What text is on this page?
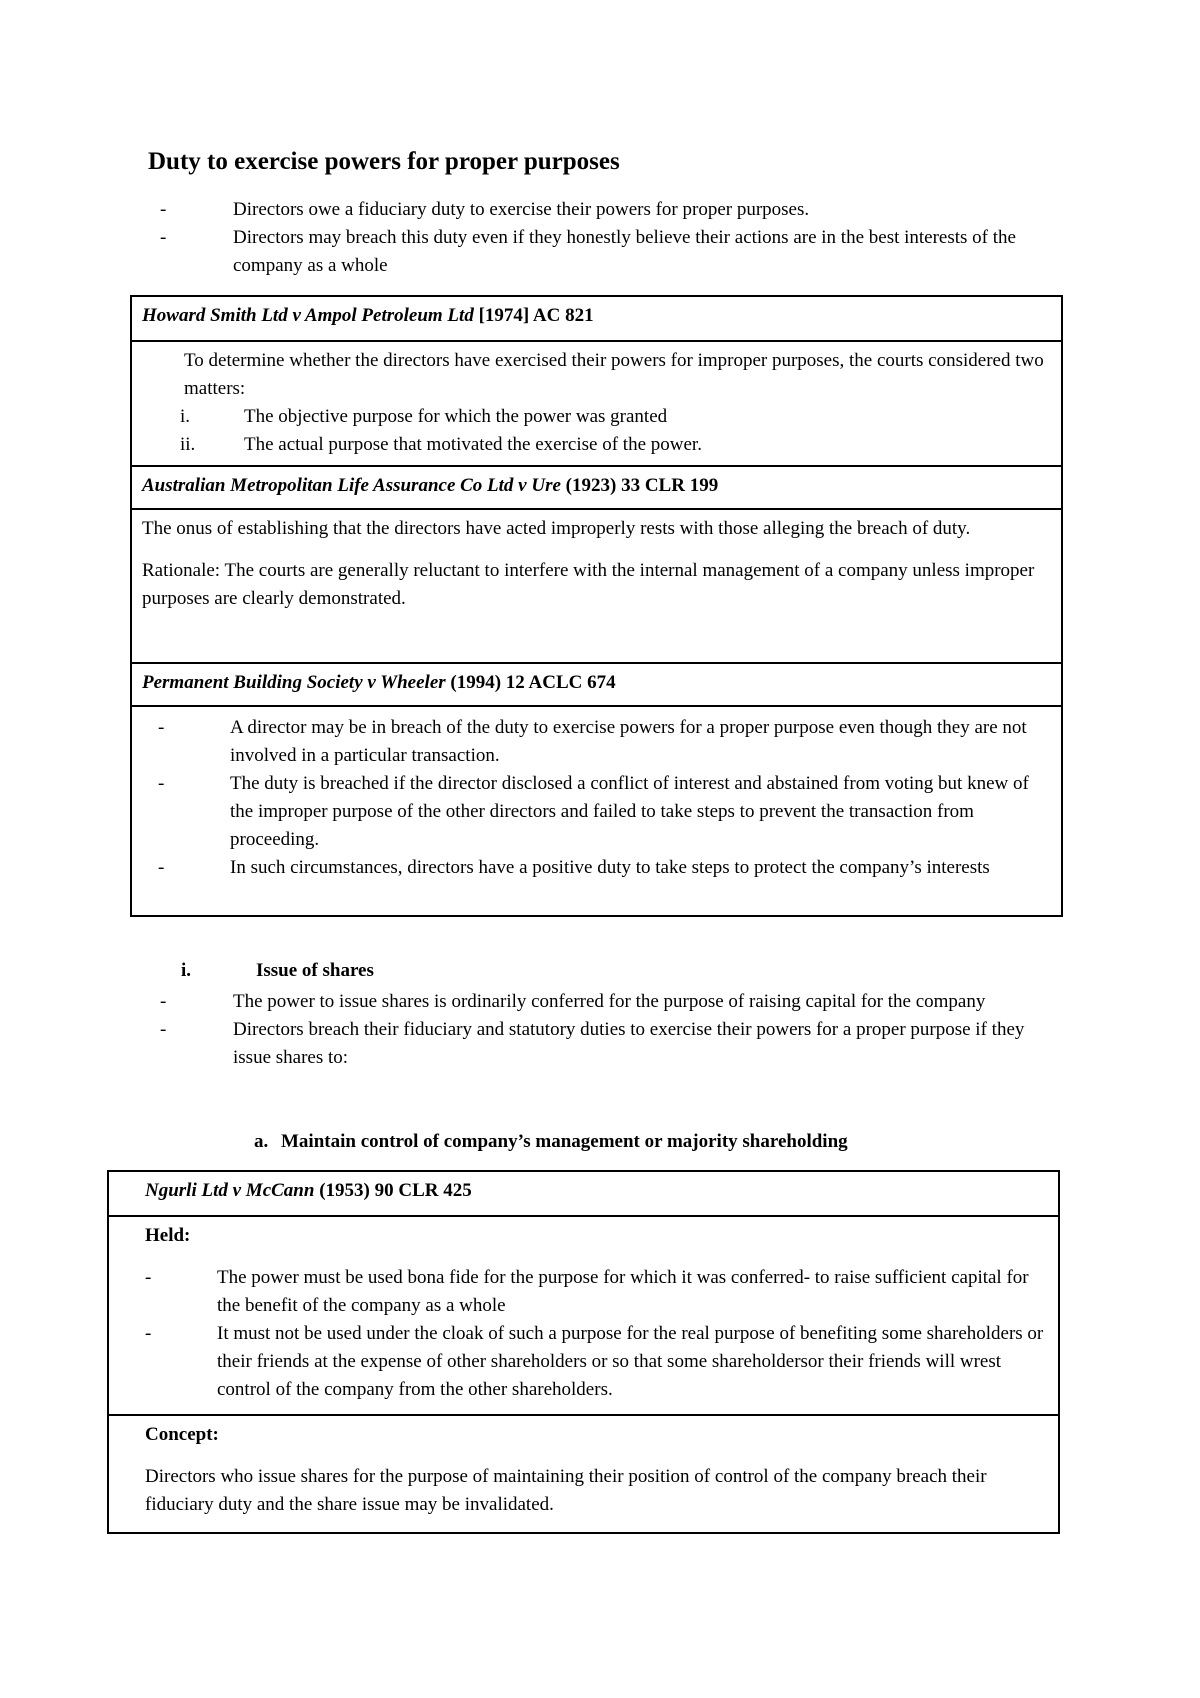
Duty to exercise powers for proper purposes
-	Directors owe a fiduciary duty to exercise their powers for proper purposes.
-	Directors may breach this duty even if they honestly believe their actions are in the best interests of the company as a whole
Howard Smith Ltd v Ampol Petroleum Ltd [1974] AC 821

To determine whether the directors have exercised their powers for improper purposes, the courts considered two matters:

i.	The objective purpose for which the power was granted
ii.	The actual purpose that motivated the exercise of the power.
Australian Metropolitan Life Assurance Co Ltd v Ure (1923) 33 CLR 199

The onus of establishing that the directors have acted improperly rests with those alleging the breach of duty.

Rationale: The courts are generally reluctant to interfere with the internal management of a company unless improper purposes are clearly demonstrated.

Permanent Building Society v Wheeler (1994) 12 ACLC 674
-	A director may be in breach of the duty to exercise powers for a proper purpose even though they are not involved in a particular transaction.
-	The duty is breached if the director disclosed a conflict of interest and abstained from voting but knew of the improper purpose of the other directors and failed to take steps to prevent the transaction from proceeding.
-	In such circumstances, directors have a positive duty to take steps to protect the company’s interests
i.	Issue of shares
-	The power to issue shares is ordinarily conferred for the purpose of raising capital for the company
-	Directors breach their fiduciary and statutory duties to exercise their powers for a proper purpose if they issue shares to:
a. Maintain control of company’s management or majority shareholding
Ngurli Ltd v McCann (1953) 90 CLR 425

Held:

-	The power must be used bona fide for the purpose for which it was conferred- to raise sufficient capital for the benefit of the company as a whole
-	It must not be used under the cloak of such a purpose for the real purpose of benefiting some shareholders or their friends at the expense of other shareholders or so that some shareholdersor their friends will wrest control of the company from the other shareholders.

Concept:

Directors who issue shares for the purpose of maintaining their position of control of the company breach their fiduciary duty and the share issue may be invalidated.
